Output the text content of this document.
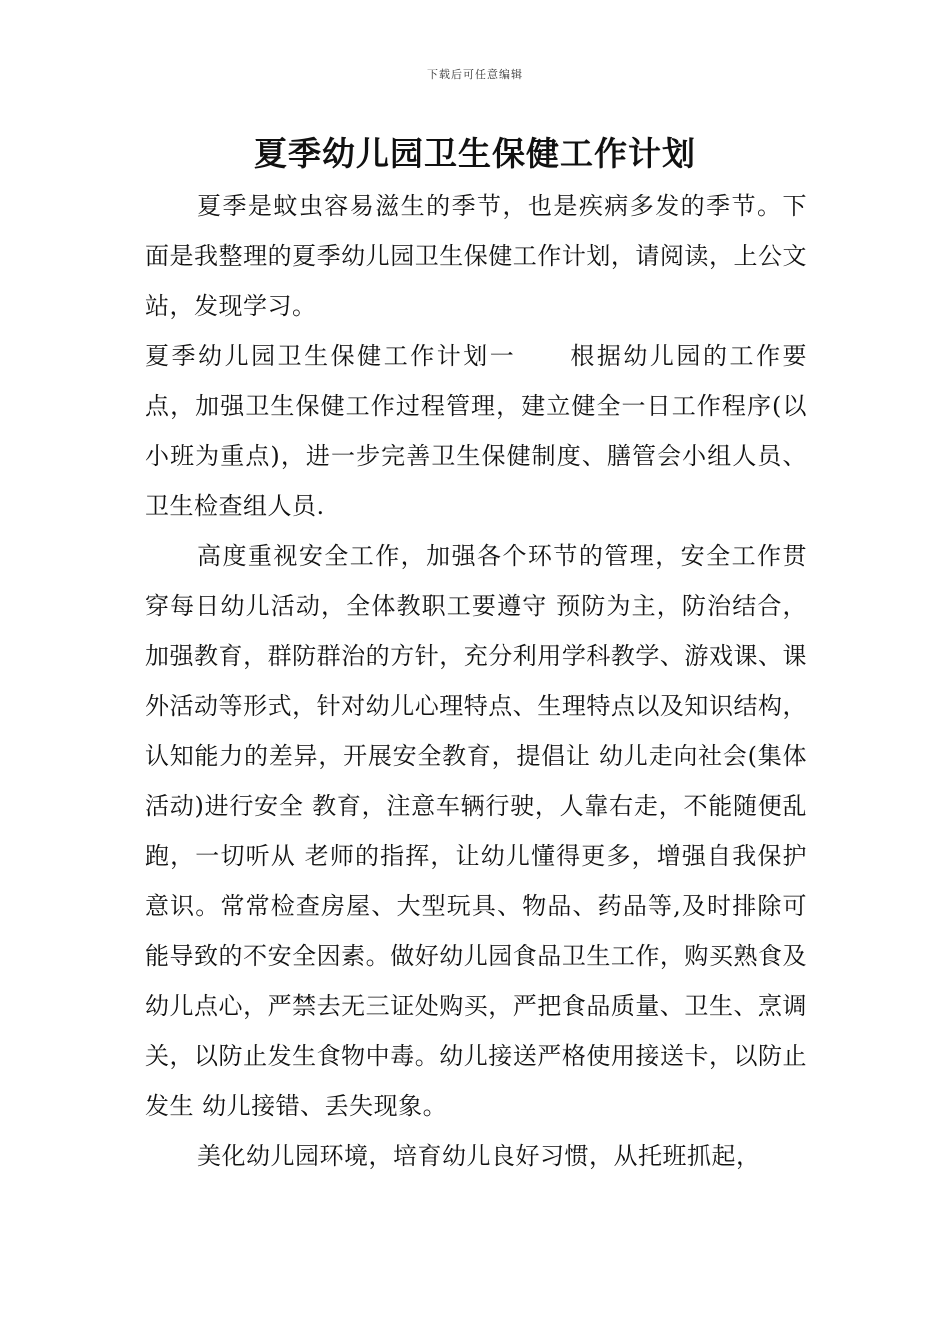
下载后可任意编辑
夏季幼儿园卫生保健工作计划

夏季是蚊虫容易滋生的季节，也是疾病多发的季节。下面是我整理的夏季幼儿园卫生保健工作计划，请阅读，上公文站，发现学习。

夏季幼儿园卫生保健工作计划一 根据幼儿园的工作要点，加强卫生保健工作过程管理，建立健全一日工作程序(以小班为重点)，进一步完善卫生保健制度、膳管会小组人员、卫生检查组人员.

高度重视安全工作，加强各个环节的管理，安全工作贯穿每日幼儿活动，全体教职工要遵守 预防为主，防治结合，加强教育，群防群治的方针，充分利用学科教学、游戏课、课外活动等形式，针对幼儿心理特点、生理特点以及知识结构，认知能力的差异，开展安全教育，提倡让 幼儿走向社会(集体活动)进行安全 教育，注意车辆行驶，人靠右走，不能随便乱跑，一切听从 老师的指挥，让幼儿懂得更多，增强自我保护意识。常常检查房屋、大型玩具、物品、药品等,及时排除可能导致的不安全因素。做好幼儿园食品卫生工作，购买熟食及幼儿点心，严禁去无三证处购买，严把食品质量、卫生、烹调关，以防止发生食物中毒。幼儿接送严格使用接送卡，以防止发生 幼儿接错、丢失现象。

美化幼儿园环境，培育幼儿良好习惯，从托班抓起，
